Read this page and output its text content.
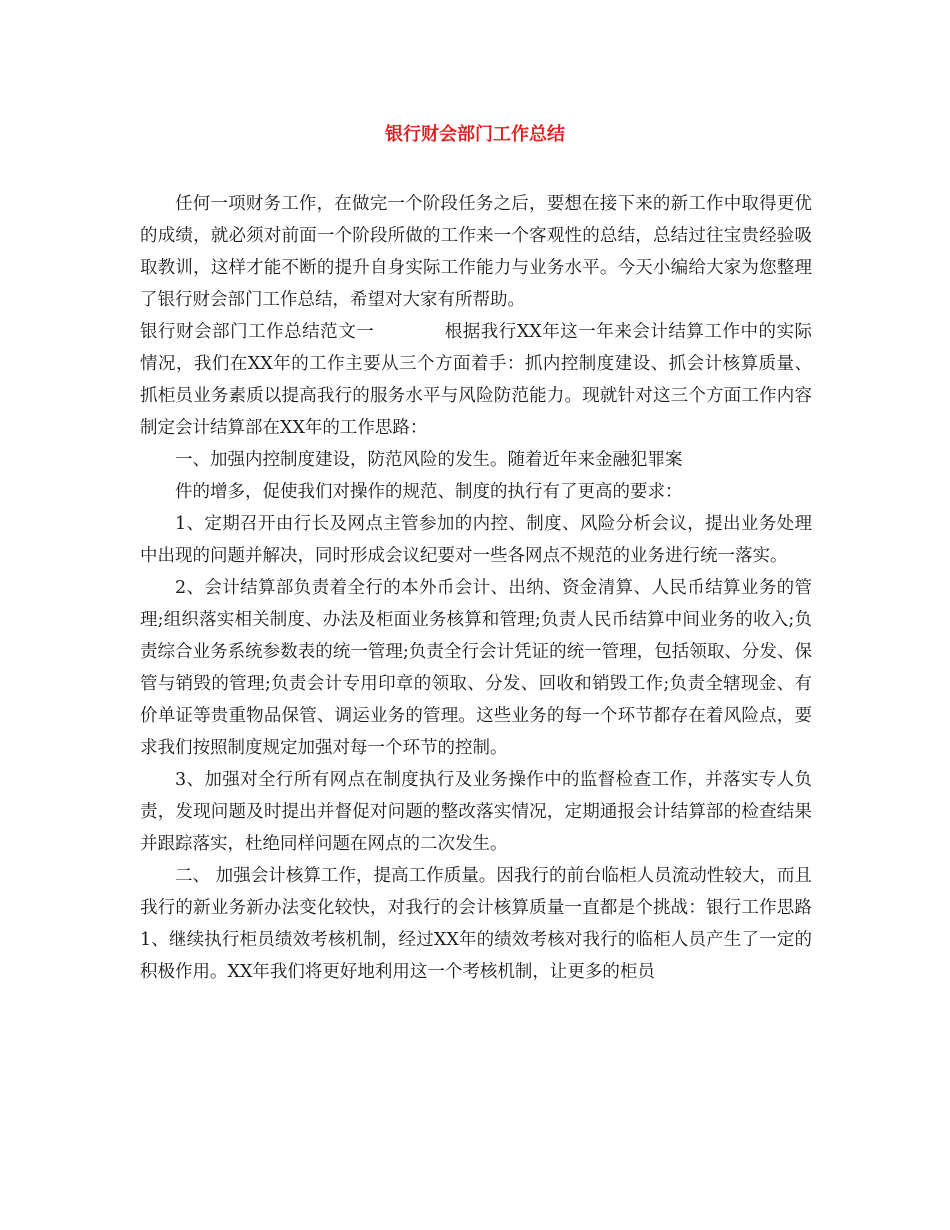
银行财会部门工作总结

任何一项财务工作，在做完一个阶段任务之后，要想在接下来的新工作中取得更优的成绩，就必须对前面一个阶段所做的工作来一个客观性的总结，总结过往宝贵经验吸取教训，这样才能不断的提升自身实际工作能力与业务水平。今天小编给大家为您整理了银行财会部门工作总结，希望对大家有所帮助。

银行财会部门工作总结范文一	根据我行XX年这一年来会计结算工作中的实际情况，我们在XX年的工作主要从三个方面着手：抓内控制度建设、抓会计核算质量、抓柜员业务素质以提高我行的服务水平与风险防范能力。现就针对这三个方面工作内容制定会计结算部在XX年的工作思路：

一、加强内控制度建设，防范风险的发生。随着近年来金融犯罪案

件的增多，促使我们对操作的规范、制度的执行有了更高的要求：

1、定期召开由行长及网点主管参加的内控、制度、风险分析会议，提出业务处理中出现的问题并解决，同时形成会议纪要对一些各网点不规范的业务进行统一落实。

2、会计结算部负责着全行的本外币会计、出纳、资金清算、人民币结算业务的管理;组织落实相关制度、办法及柜面业务核算和管理;负责人民币结算中间业务的收入;负责综合业务系统参数表的统一管理;负责全行会计凭证的统一管理，包括领取、分发、保管与销毁的管理;负责会计专用印章的领取、分发、回收和销毁工作;负责全辖现金、有价单证等贵重物品保管、调运业务的管理。这些业务的每一个环节都存在着风险点，要求我们按照制度规定加强对每一个环节的控制。

3、加强对全行所有网点在制度执行及业务操作中的监督检查工作，并落实专人负责，发现问题及时提出并督促对问题的整改落实情况，定期通报会计结算部的检查结果并跟踪落实，杜绝同样问题在网点的二次发生。

二、 加强会计核算工作，提高工作质量。因我行的前台临柜人员流动性较大，而且我行的新业务新办法变化较快，对我行的会计核算质量一直都是个挑战：银行工作思路1、继续执行柜员绩效考核机制，经过XX年的绩效考核对我行的临柜人员产生了一定的积极作用。XX年我们将更好地利用这一个考核机制，让更多的柜员
